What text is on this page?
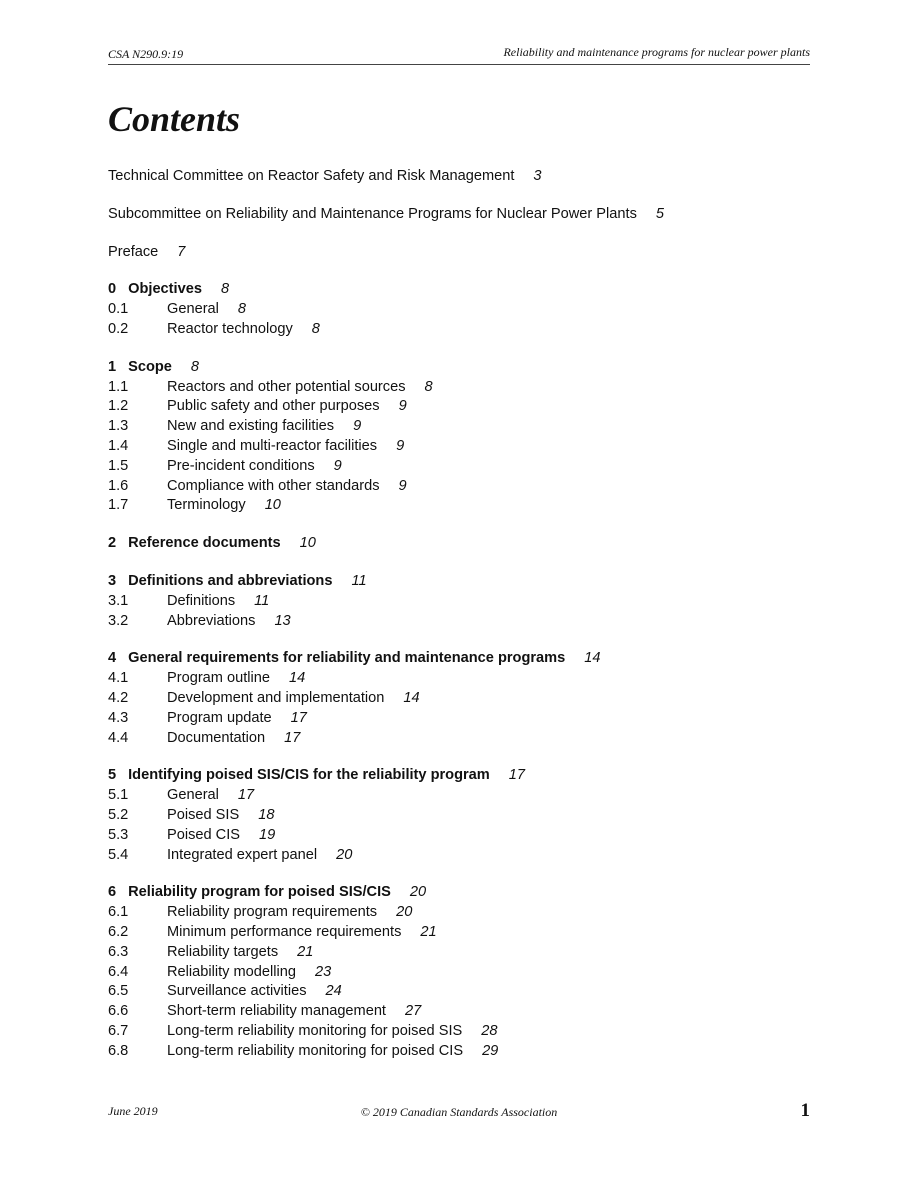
CSA N290.9:19	Reliability and maintenance programs for nuclear power plants
Contents
Technical Committee on Reactor Safety and Risk Management 3
Subcommittee on Reliability and Maintenance Programs for Nuclear Power Plants 5
Preface 7
0 Objectives 8
0.1	General 8
0.2	Reactor technology 8
1 Scope 8
1.1	Reactors and other potential sources 8
1.2	Public safety and other purposes 9
1.3	New and existing facilities 9
1.4	Single and multi-reactor facilities 9
1.5	Pre-incident conditions 9
1.6	Compliance with other standards 9
1.7	Terminology 10
2 Reference documents 10
3 Definitions and abbreviations 11
3.1	Definitions 11
3.2	Abbreviations 13
4 General requirements for reliability and maintenance programs 14
4.1	Program outline 14
4.2	Development and implementation 14
4.3	Program update 17
4.4	Documentation 17
5 Identifying poised SIS/CIS for the reliability program 17
5.1	General 17
5.2	Poised SIS 18
5.3	Poised CIS 19
5.4	Integrated expert panel 20
6 Reliability program for poised SIS/CIS 20
6.1	Reliability program requirements 20
6.2	Minimum performance requirements 21
6.3	Reliability targets 21
6.4	Reliability modelling 23
6.5	Surveillance activities 24
6.6	Short-term reliability management 27
6.7	Long-term reliability monitoring for poised SIS 28
6.8	Long-term reliability monitoring for poised CIS 29
June 2019	© 2019 Canadian Standards Association	1
